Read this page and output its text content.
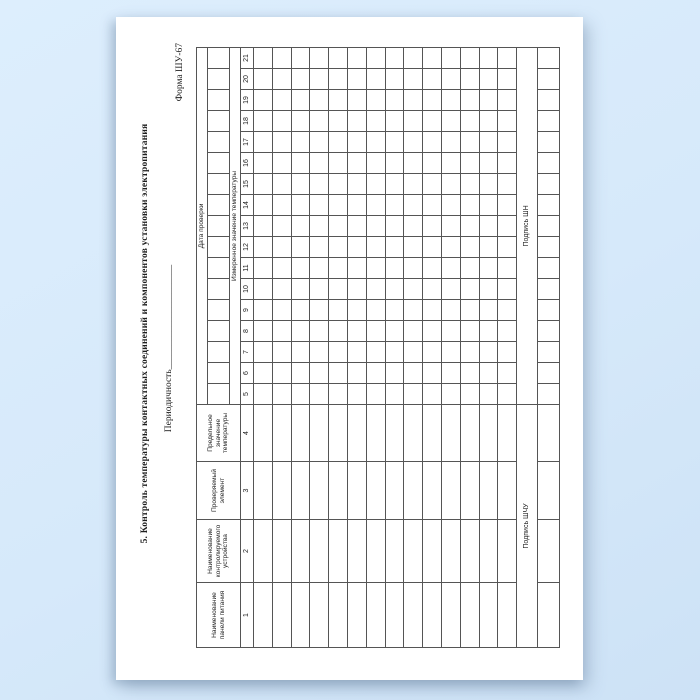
5. Контроль температуры контактных соединений и компонентов установки электропитания Периодичность______________________
Форма ШУ-67
Наименование панели питания	Наименование контролируемого устройства	Проверяемый элемент	Предельное значение температуры	Дата проверки																

				Измеренное значение температуры																
1	2	3	4	5	6	7	8	9	10	11	12	13	14	15	16	17	18	19	20	21

Подпись ШЧУ				Подпись ШН																
